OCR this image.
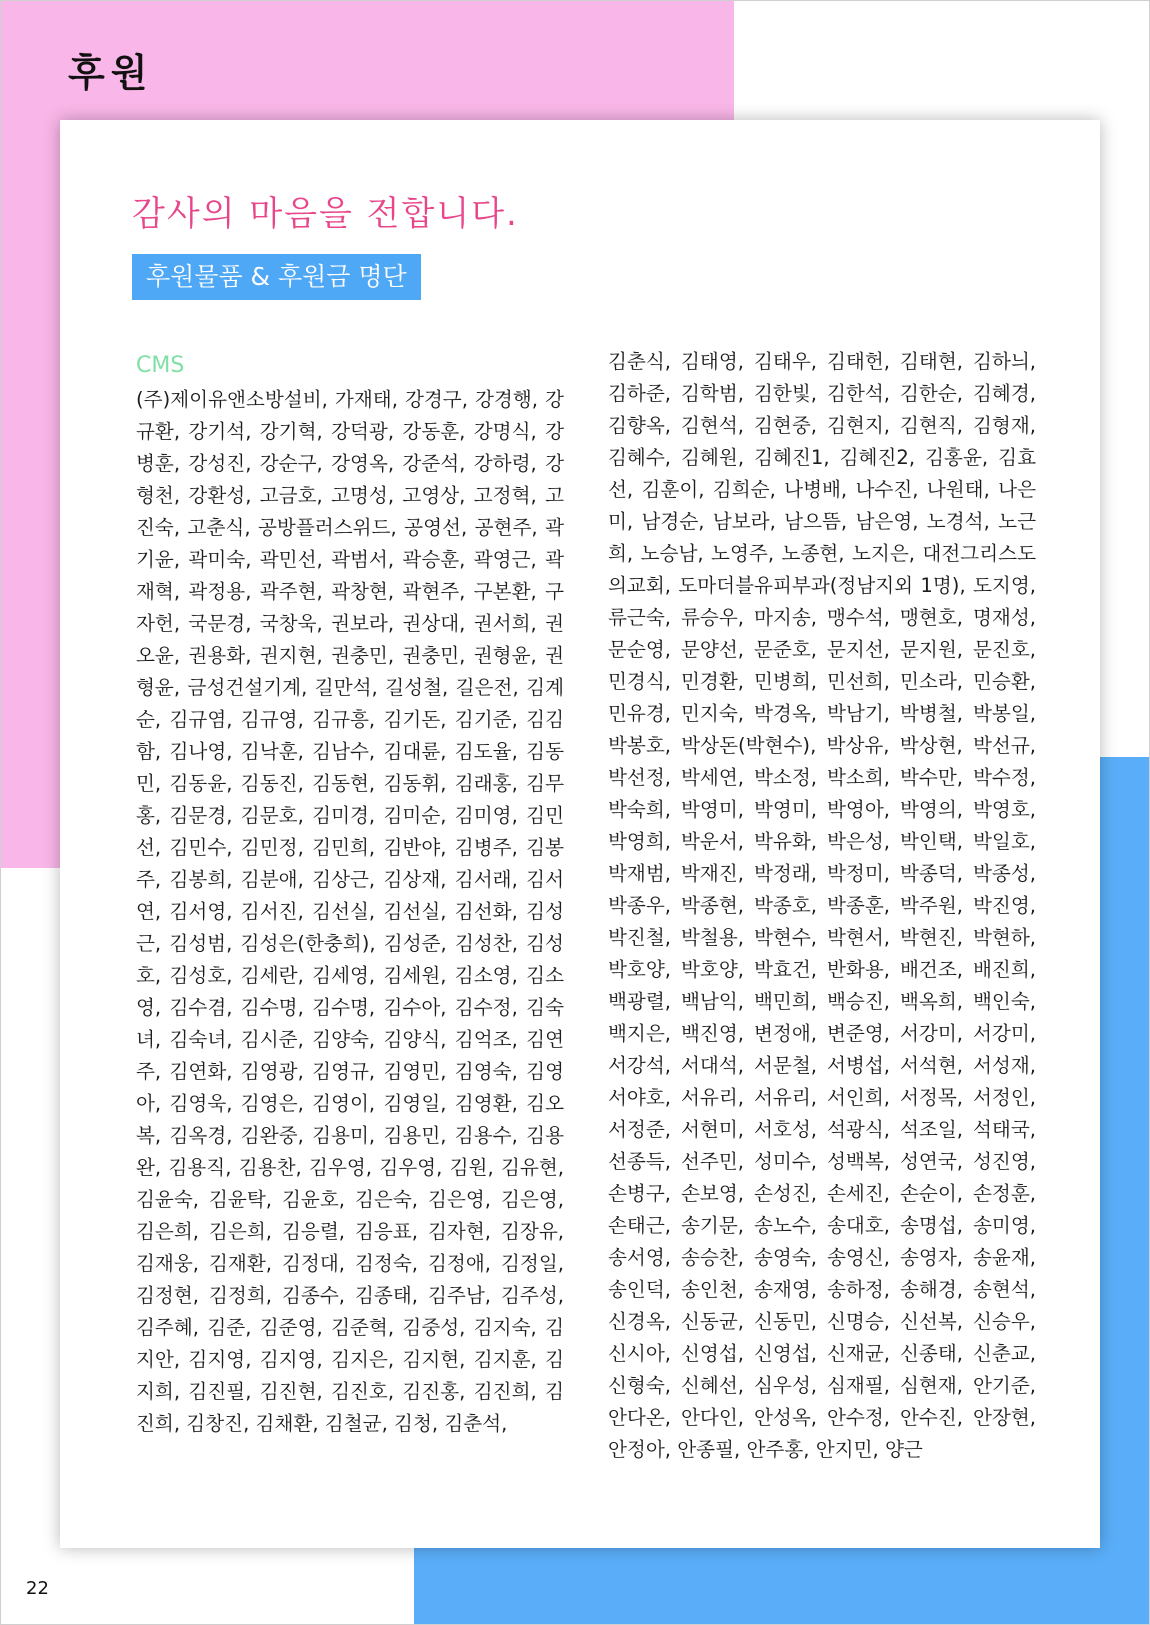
후원
감사의 마음을 전합니다.
후원물품 & 후원금 명단
CMS
(주)제이유앤소방설비, 가재태, 강경구, 강경행, 강규환, 강기석, 강기혁, 강덕광, 강동훈, 강명식, 강병훈, 강성진, 강순구, 강영옥, 강준석, 강하령, 강형천, 강환성, 고금호, 고명성, 고영상, 고정혁, 고진숙, 고춘식, 공방플러스위드, 공영선, 공현주, 곽기윤, 곽미숙, 곽민선, 곽범서, 곽승훈, 곽영근, 곽재혁, 곽정용, 곽주현, 곽창현, 곽현주, 구본환, 구자헌, 국문경, 국창욱, 권보라, 권상대, 권서희, 권오윤, 권용화, 권지현, 권충민, 권충민, 권형윤, 권형윤, 금성건설기계, 길만석, 길성철, 길은전, 김계순, 김규염, 김규영, 김규흥, 김기돈, 김기준, 김김함, 김나영, 김낙훈, 김남수, 김대륜, 김도율, 김동민, 김동윤, 김동진, 김동현, 김동휘, 김래홍, 김무홍, 김문경, 김문호, 김미경, 김미순, 김미영, 김민선, 김민수, 김민정, 김민희, 김반야, 김병주, 김봉주, 김봉희, 김분애, 김상근, 김상재, 김서래, 김서연, 김서영, 김서진, 김선실, 김선실, 김선화, 김성근, 김성범, 김성은(한충희), 김성준, 김성찬, 김성호, 김성호, 김세란, 김세영, 김세원, 김소영, 김소영, 김수겸, 김수명, 김수명, 김수아, 김수정, 김숙녀, 김숙녀, 김시준, 김양숙, 김양식, 김억조, 김연주, 김연화, 김영광, 김영규, 김영민, 김영숙, 김영아, 김영욱, 김영은, 김영이, 김영일, 김영환, 김오복, 김옥경, 김완중, 김용미, 김용민, 김용수, 김용완, 김용직, 김용찬, 김우영, 김우영, 김원, 김유현, 김윤숙, 김윤탁, 김윤호, 김은숙, 김은영, 김은영, 김은희, 김은희, 김응렬, 김응표, 김자현, 김장유, 김재웅, 김재환, 김정대, 김정숙, 김정애, 김정일, 김정현, 김정희, 김종수, 김종태, 김주남, 김주성, 김주혜, 김준, 김준영, 김준혁, 김중성, 김지숙, 김지안, 김지영, 김지영, 김지은, 김지현, 김지훈, 김지희, 김진필, 김진현, 김진호, 김진홍, 김진희, 김진희, 김창진, 김채환, 김철균, 김청, 김춘석,
김춘식, 김태영, 김태우, 김태헌, 김태현, 김하늬, 김하준, 김학범, 김한빛, 김한석, 김한순, 김혜경, 김향옥, 김현석, 김현중, 김현지, 김현직, 김형재, 김혜수, 김혜원, 김혜진1, 김혜진2, 김홍윤, 김효선, 김훈이, 김희순, 나병배, 나수진, 나원태, 나은미, 남경순, 남보라, 남으뜸, 남은영, 노경석, 노근희, 노승남, 노영주, 노종현, 노지은, 대전그리스도의교회, 도마더블유피부과(정남지외 1명), 도지영, 류근숙, 류승우, 마지송, 맹수석, 맹현호, 명재성, 문순영, 문양선, 문준호, 문지선, 문지원, 문진호, 민경식, 민경환, 민병희, 민선희, 민소라, 민승환, 민유경, 민지숙, 박경옥, 박남기, 박병철, 박봉일, 박봉호, 박상돈(박현수), 박상유, 박상현, 박선규, 박선정, 박세연, 박소정, 박소희, 박수만, 박수정, 박숙희, 박영미, 박영미, 박영아, 박영의, 박영호, 박영희, 박운서, 박유화, 박은성, 박인택, 박일호, 박재범, 박재진, 박정래, 박정미, 박종덕, 박종성, 박종우, 박종현, 박종호, 박종훈, 박주원, 박진영, 박진철, 박철용, 박현수, 박현서, 박현진, 박현하, 박호양, 박호양, 박효건, 반화용, 배건조, 배진희, 백광렬, 백남익, 백민희, 백승진, 백옥희, 백인숙, 백지은, 백진영, 변정애, 변준영, 서강미, 서강미, 서강석, 서대석, 서문철, 서병섭, 서석현, 서성재, 서야호, 서유리, 서유리, 서인희, 서정목, 서정인, 서정준, 서현미, 서호성, 석광식, 석조일, 석태국, 선종득, 선주민, 성미수, 성백복, 성연국, 성진영, 손병구, 손보영, 손성진, 손세진, 손순이, 손정훈, 손태근, 송기문, 송노수, 송대호, 송명섭, 송미영, 송서영, 송승찬, 송영숙, 송영신, 송영자, 송윤재, 송인덕, 송인천, 송재영, 송하정, 송해경, 송현석, 신경옥, 신동균, 신동민, 신명승, 신선복, 신승우, 신시아, 신영섭, 신영섭, 신재균, 신종태, 신춘교, 신형숙, 신혜선, 심우성, 심재필, 심현재, 안기준, 안다온, 안다인, 안성옥, 안수정, 안수진, 안장현, 안정아, 안종필, 안주홍, 안지민, 양근
22
